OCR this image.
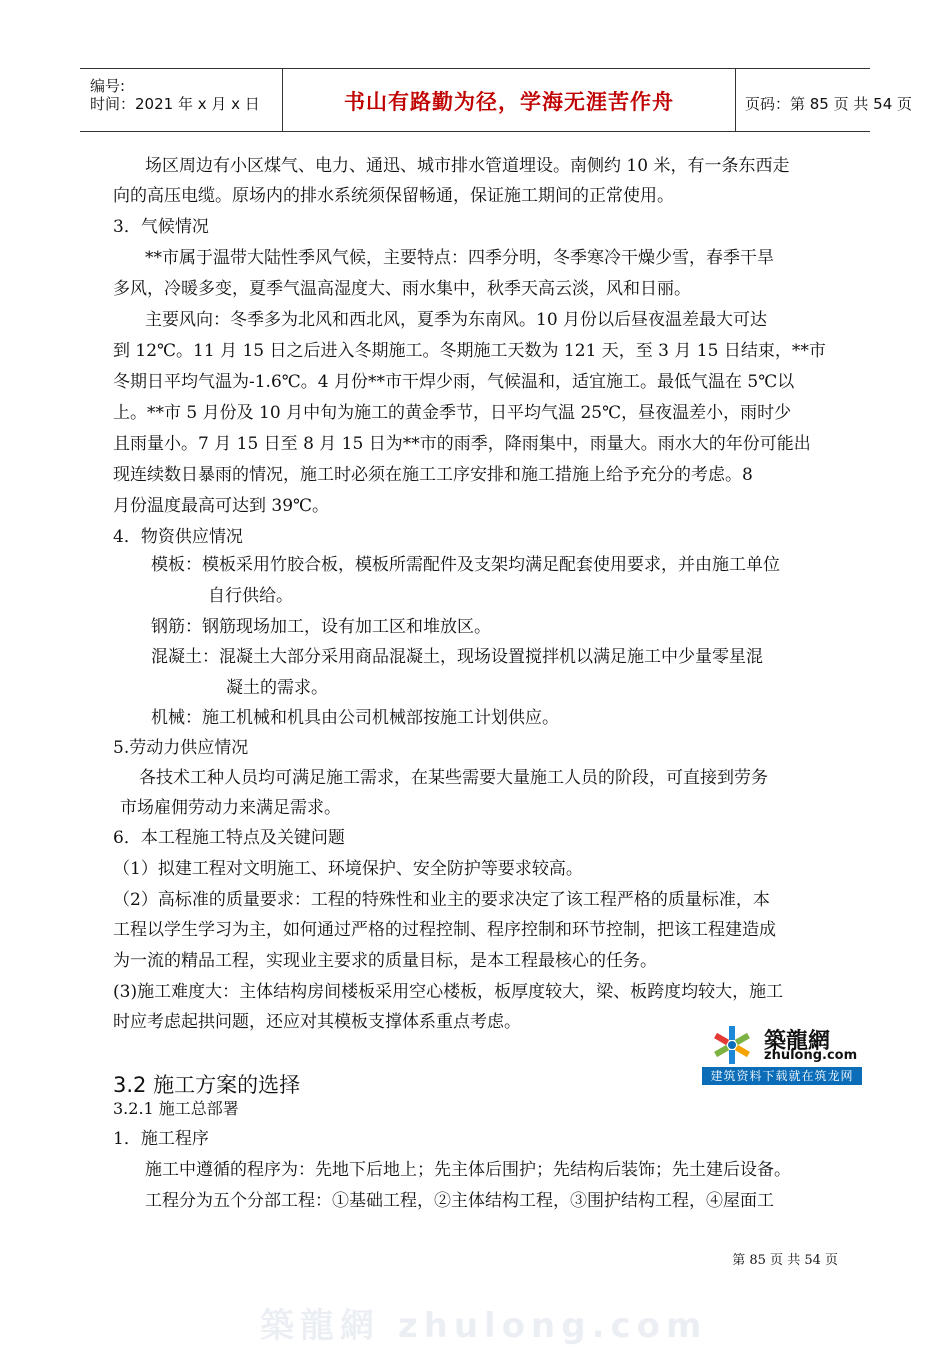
编号:
时间：2021 年 x 月 x 日	书山有路勤为径，学海无涯苦作舟	页码：第 85 页 共 54 页
场区周边有小区煤气、电力、通迅、城市排水管道埋设。南侧约 10 米，有一条东西走
向的高压电缆。原场内的排水系统须保留畅通，保证施工期间的正常使用。
3．气候情况
**市属于温带大陆性季风气候，主要特点：四季分明，冬季寒冷干燥少雪，春季干旱
多风，冷暖多变，夏季气温高湿度大、雨水集中，秋季天高云淡，风和日丽。
主要风向：冬季多为北风和西北风，夏季为东南风。10 月份以后昼夜温差最大可达
到 12℃。11 月 15 日之后进入冬期施工。冬期施工天数为 121 天，至 3 月 15 日结束，**市
冬期日平均气温为-1.6℃。4 月份**市干焊少雨，气候温和，适宜施工。最低气温在 5℃以
上。**市 5 月份及 10 月中旬为施工的黄金季节，日平均气温 25℃，昼夜温差小，雨时少
且雨量小。7 月 15 日至 8 月 15 日为**市的雨季，降雨集中，雨量大。雨水大的年份可能出
现连续数日暴雨的情况，施工时必须在施工工序安排和施工措施上给予充分的考虑。8
月份温度最高可达到 39℃。
4．物资供应情况
模板：模板采用竹胶合板，模板所需配件及支架均满足配套使用要求，并由施工单位
自行供给。
钢筋：钢筋现场加工，设有加工区和堆放区。
混凝土：混凝土大部分采用商品混凝土，现场设置搅拌机以满足施工中少量零星混
凝土的需求。
机械：施工机械和机具由公司机械部按施工计划供应。
5.劳动力供应情况
各技术工种人员均可满足施工需求，在某些需要大量施工人员的阶段，可直接到劳务
市场雇佣劳动力来满足需求。
6．本工程施工特点及关键问题
（1）拟建工程对文明施工、环境保护、安全防护等要求较高。
（2）高标准的质量要求：工程的特殊性和业主的要求决定了该工程严格的质量标准，本
工程以学生学习为主，如何通过严格的过程控制、程序控制和环节控制，把该工程建造成
为一流的精品工程，实现业主要求的质量目标，是本工程最核心的任务。
(3)施工难度大：主体结构房间楼板采用空心楼板，板厚度较大，梁、板跨度均较大，施工
时应考虑起拱问题，还应对其模板支撑体系重点考虑。
築龍網
zhulong.com
建筑资料下载就在筑龙网
3.2 施工方案的选择
3.2.1 施工总部署
1．施工程序
施工中遵循的程序为：先地下后地上；先主体后围护；先结构后装饰；先土建后设备。
工程分为五个分部工程：①基础工程，②主体结构工程，③围护结构工程，④屋面工
第 85 页 共 54 页
築龍網 zhulong.com
